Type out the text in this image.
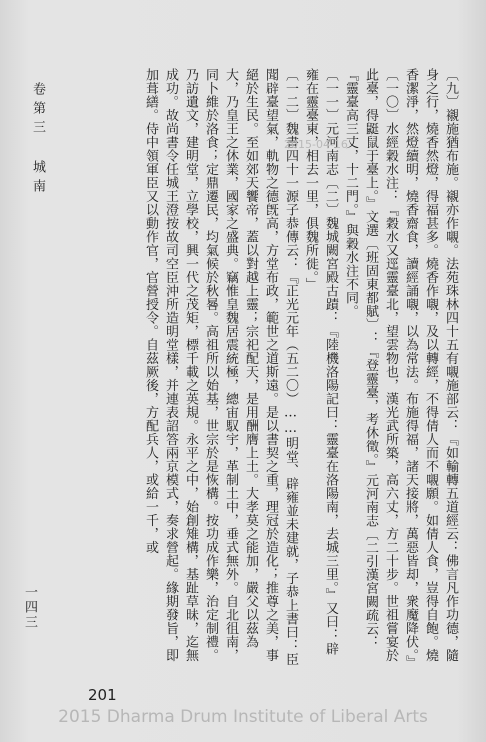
〔九〕襯施猶布施。襯亦作嚫。法苑珠林四十五有嚫施部云：『如輸轉五道經云：佛言凡作功德，隨身之行，燒香然燈，得福甚多。燒香作嚫，及以轉經，不得倩人而不嚫願。如倩人食，豈得自飽。燒香潔淨，然燈續明，燒香齋食，讀經誦嚫，以為常法。布施得福，諸天接將，萬惡皆却，衆魔降伏。』

〔一〇〕水經穀水注：『穀水又逕靈臺北，望雲物也，漢光武所築，高六丈，方二十步。世祖嘗宴於此臺，得鼮鼠于臺上。』文選〔班固東都賦〕：『登靈臺，考休徵。』元河南志〔二引漢宮闕疏云：『靈臺高三丈，十二門。』與穀水注不同。

〔一一〕元河南志〔二〕魏城闕宮殿古蹟：『陸機洛陽記曰：靈臺在洛陽南，去城三里。』又曰：辟雍在靈臺東，相去一里，俱魏所徙。」

〔一二〕魏書四十一源子恭傳云：『正光元年（五二〇）……明堂、辟雍並未建就，子恭上書曰：臣聞辟臺望氣，軌物之德旣高，方堂布政，範世之道斯遠。是以書契之重，理冠於造化；推尊之美，事絕於生民。至如郊天饗帝，蓋以對越上靈；宗祀配天，是用酬膺上土。大孝莫之能加，嚴父以茲為大，乃皇王之休業，國家之盛典。竊惟皇魏居震統極，總宙馭宇，革制土中，垂式無外。自北徂南，同卜維於洛食；定鼎遷民，均氣候於秋晷。高祖所以始基，世宗於是恢構。按功成作樂，治定制禮。乃訪遺文，建明堂，立學校，興一代之茂矩，標千載之英規。永平之中，始創雉構，基趾草昧，迄無成功。故尚書令任城王澄按故司空臣沖所造明堂樣，并連表詔答兩京模式，奏求營起。緣期發旨，即加葺繕。侍中領軍臣又以動作官，官營授令。自茲厥後，方配兵人，或給一千，或

卷第三 城南
一四三
201
2015-04-16
2015 Dharma Drum Institute of Liberal Arts
